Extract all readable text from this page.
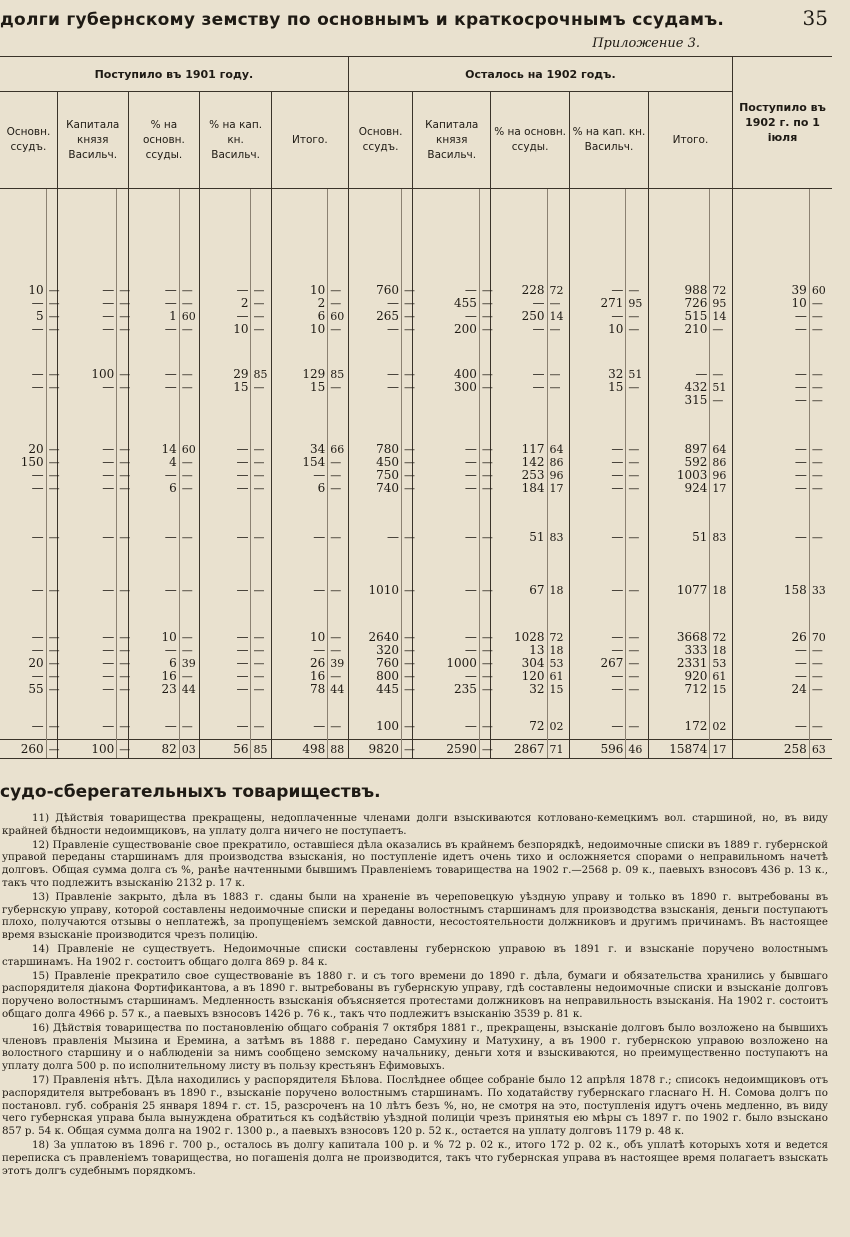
долги губернскому земству по основнымъ и краткосрочнымъ ссудамъ.	35
Приложение 3.
Поступило въ 1901 году.										Осталось на 1902 годъ.										Поступило въ 1902 г. по 1 іюля	
Основн. ссудъ.		Капитала князя Васильч.		% на основн. ссуды.		% на кап. кн. Васильч.		Итого.		Основн. ссудъ.		Капитала князя Васильч.		% на основн. ссуды.		% на кап. кн. Васильч.		Итого.			

10	—	—	—	—	—	—	—	10	—	760	—	—	—	228	72	—	—	988	72	39	60
—	—	—	—	—	—	2	—	2	—	—	—	455	—	—	—	271	95	726	95	10	—
5	—	—	—	1	60	—	—	6	60	265	—	—	—	250	14	—	—	515	14	—	—
—	—	—	—	—	—	10	—	10	—	—	—	200	—	—	—	10	—	210	—	—	—

—	—	100	—	—	—	29	85	129	85	—	—	400	—	—	—	32	51	—	—	—	—
—	—	—	—	—	—	15	—	15	—	—	—	300	—	—	—	15	—	432	51	—	—
																		315	—	—	—

20	—	—	—	14	60	—	—	34	66	780	—	—	—	117	64	—	—	897	64	—	—
150	—	—	—	4	—	—	—	154	—	450	—	—	—	142	86	—	—	592	86	—	—
—	—	—	—	—	—	—	—	—	—	750	—	—	—	253	96	—	—	1003	96	—	—
—	—	—	—	6	—	—	—	6	—	740	—	—	—	184	17	—	—	924	17	—	—

—	—	—	—	—	—	—	—	—	—	—	—	—	—	51	83	—	—	51	83	—	—

—	—	—	—	—	—	—	—	—	—	1010	—	—	—	67	18	—	—	1077	18	158	33

—	—	—	—	10	—	—	—	10	—	2640	—	—	—	1028	72	—	—	3668	72	26	70
—	—	—	—	—	—	—	—	—	—	320	—	—	—	13	18	—	—	333	18	—	—
20	—	—	—	6	39	—	—	26	39	760	—	1000	—	304	53	267	—	2331	53	—	—
—	—	—	—	16	—	—	—	16	—	800	—	—	—	120	61	—	—	920	61	—	—
55	—	—	—	23	44	—	—	78	44	445	—	235	—	32	15	—	—	712	15	24	—

—	—	—	—	—	—	—	—	—	—	100	—	—	—	72	02	—	—	172	02	—	—

260	—	100	—	82	03	56	85	498	88	9820	—	2590	—	2867	71	596	46	15874	17	258	63
судо-сберегательныхъ товариществъ.

11) Дѣйствія товарищества прекращены, недоплаченные членами долги взыскиваются котловано-кемецкимъ вол. старшиной, но, въ виду крайней бѣдности недоимщиковъ, на уплату долга ничего не поступаетъ.

12) Правленіе существованіе свое прекратило, оставшіеся дѣла оказались въ крайнемъ безпорядкѣ, недоимочные списки въ 1889 г. губернской управой переданы старшинамъ для производства взысканія, но поступленіе идетъ очень тихо и осложняется спорами о неправильномъ начетѣ долговъ. Общая сумма долга съ %, ранѣе начтенными бывшимъ Правленіемъ товарищества на 1902 г.—2568 р. 09 к., паевыхъ взносовъ 436 р. 13 к., такъ что подлежитъ взысканію 2132 р. 17 к.

13) Правленіе закрыто, дѣла въ 1883 г. сданы были на храненіе въ череповецкую уѣздную управу и только въ 1890 г. вытребованы въ губернскую управу, которой составлены недоимочные списки и переданы волостнымъ старшинамъ для производства взысканія, деньги поступаютъ плохо, получаются отзывы о неплатежѣ, за пропущеніемъ земской давности, несостоятельности должниковъ и другимъ причинамъ. Въ настоящее время взысканіе производится чрезъ полицію.

14) Правленіе не существуетъ. Недоимочные списки составлены губернскою управою въ 1891 г. и взысканіе поручено волостнымъ старшинамъ. На 1902 г. состоитъ общаго долга 869 р. 84 к.

15) Правленіе прекратило свое существованіе въ 1880 г. и съ того времени до 1890 г. дѣла, бумаги и обязательства хранились у бывшаго распорядителя діакона Фортификантова, а въ 1890 г. вытребованы въ губернскую управу, гдѣ составлены недоимочные списки и взысканіе долговъ поручено волостнымъ старшинамъ. Медленность взысканія объясняется протестами должниковъ на неправильность взысканія. На 1902 г. состоитъ общаго долга 4966 р. 57 к., а паевыхъ взносовъ 1426 р. 76 к., такъ что подлежитъ взысканію 3539 р. 81 к.

16) Дѣйствія товарищества по постановленію общаго собранія 7 октября 1881 г., прекращены, взысканіе долговъ было возложено на бывшихъ членовъ правленія Мызина и Еремина, а затѣмъ въ 1888 г. передано Самухину и Матухину, а въ 1900 г. губернскою управою возложено на волостного старшину и о наблюденіи за нимъ сообщено земскому начальнику, деньги хотя и взыскиваются, но преимущественно поступаютъ на уплату долга 500 р. по исполнительному листу въ пользу крестьянъ Ефимовыхъ.

17) Правленія нѣтъ. Дѣла находились у распорядителя Бѣлова. Послѣднее общее собраніе было 12 апрѣля 1878 г.; списокъ недоимщиковъ отъ распорядителя вытребованъ въ 1890 г., взысканіе поручено волостнымъ старшинамъ. По ходатайству губернскаго гласнаго Н. Н. Сомова долгъ по постановл. губ. собранія 25 января 1894 г. ст. 15, разсроченъ на 10 лѣтъ безъ %, но, не смотря на это, поступленія идутъ очень медленно, въ виду чего губернская управа была вынуждена обратиться къ содѣйствію уѣздной полиціи чрезъ принятыя ею мѣры съ 1897 г. по 1902 г. было взыскано 857 р. 54 к. Общая сумма долга на 1902 г. 1300 р., а паевыхъ взносовъ 120 р. 52 к., остается на уплату долговъ 1179 р. 48 к.

18) За уплатою въ 1896 г. 700 р., осталось въ долгу капитала 100 р. и % 72 р. 02 к., итого 172 р. 02 к., объ уплатѣ которыхъ хотя и ведется переписка съ правленіемъ товарищества, но погашенія долга не производится, такъ что губернская управа въ настоящее время полагаетъ взыскать этотъ долгъ судебнымъ порядкомъ.
